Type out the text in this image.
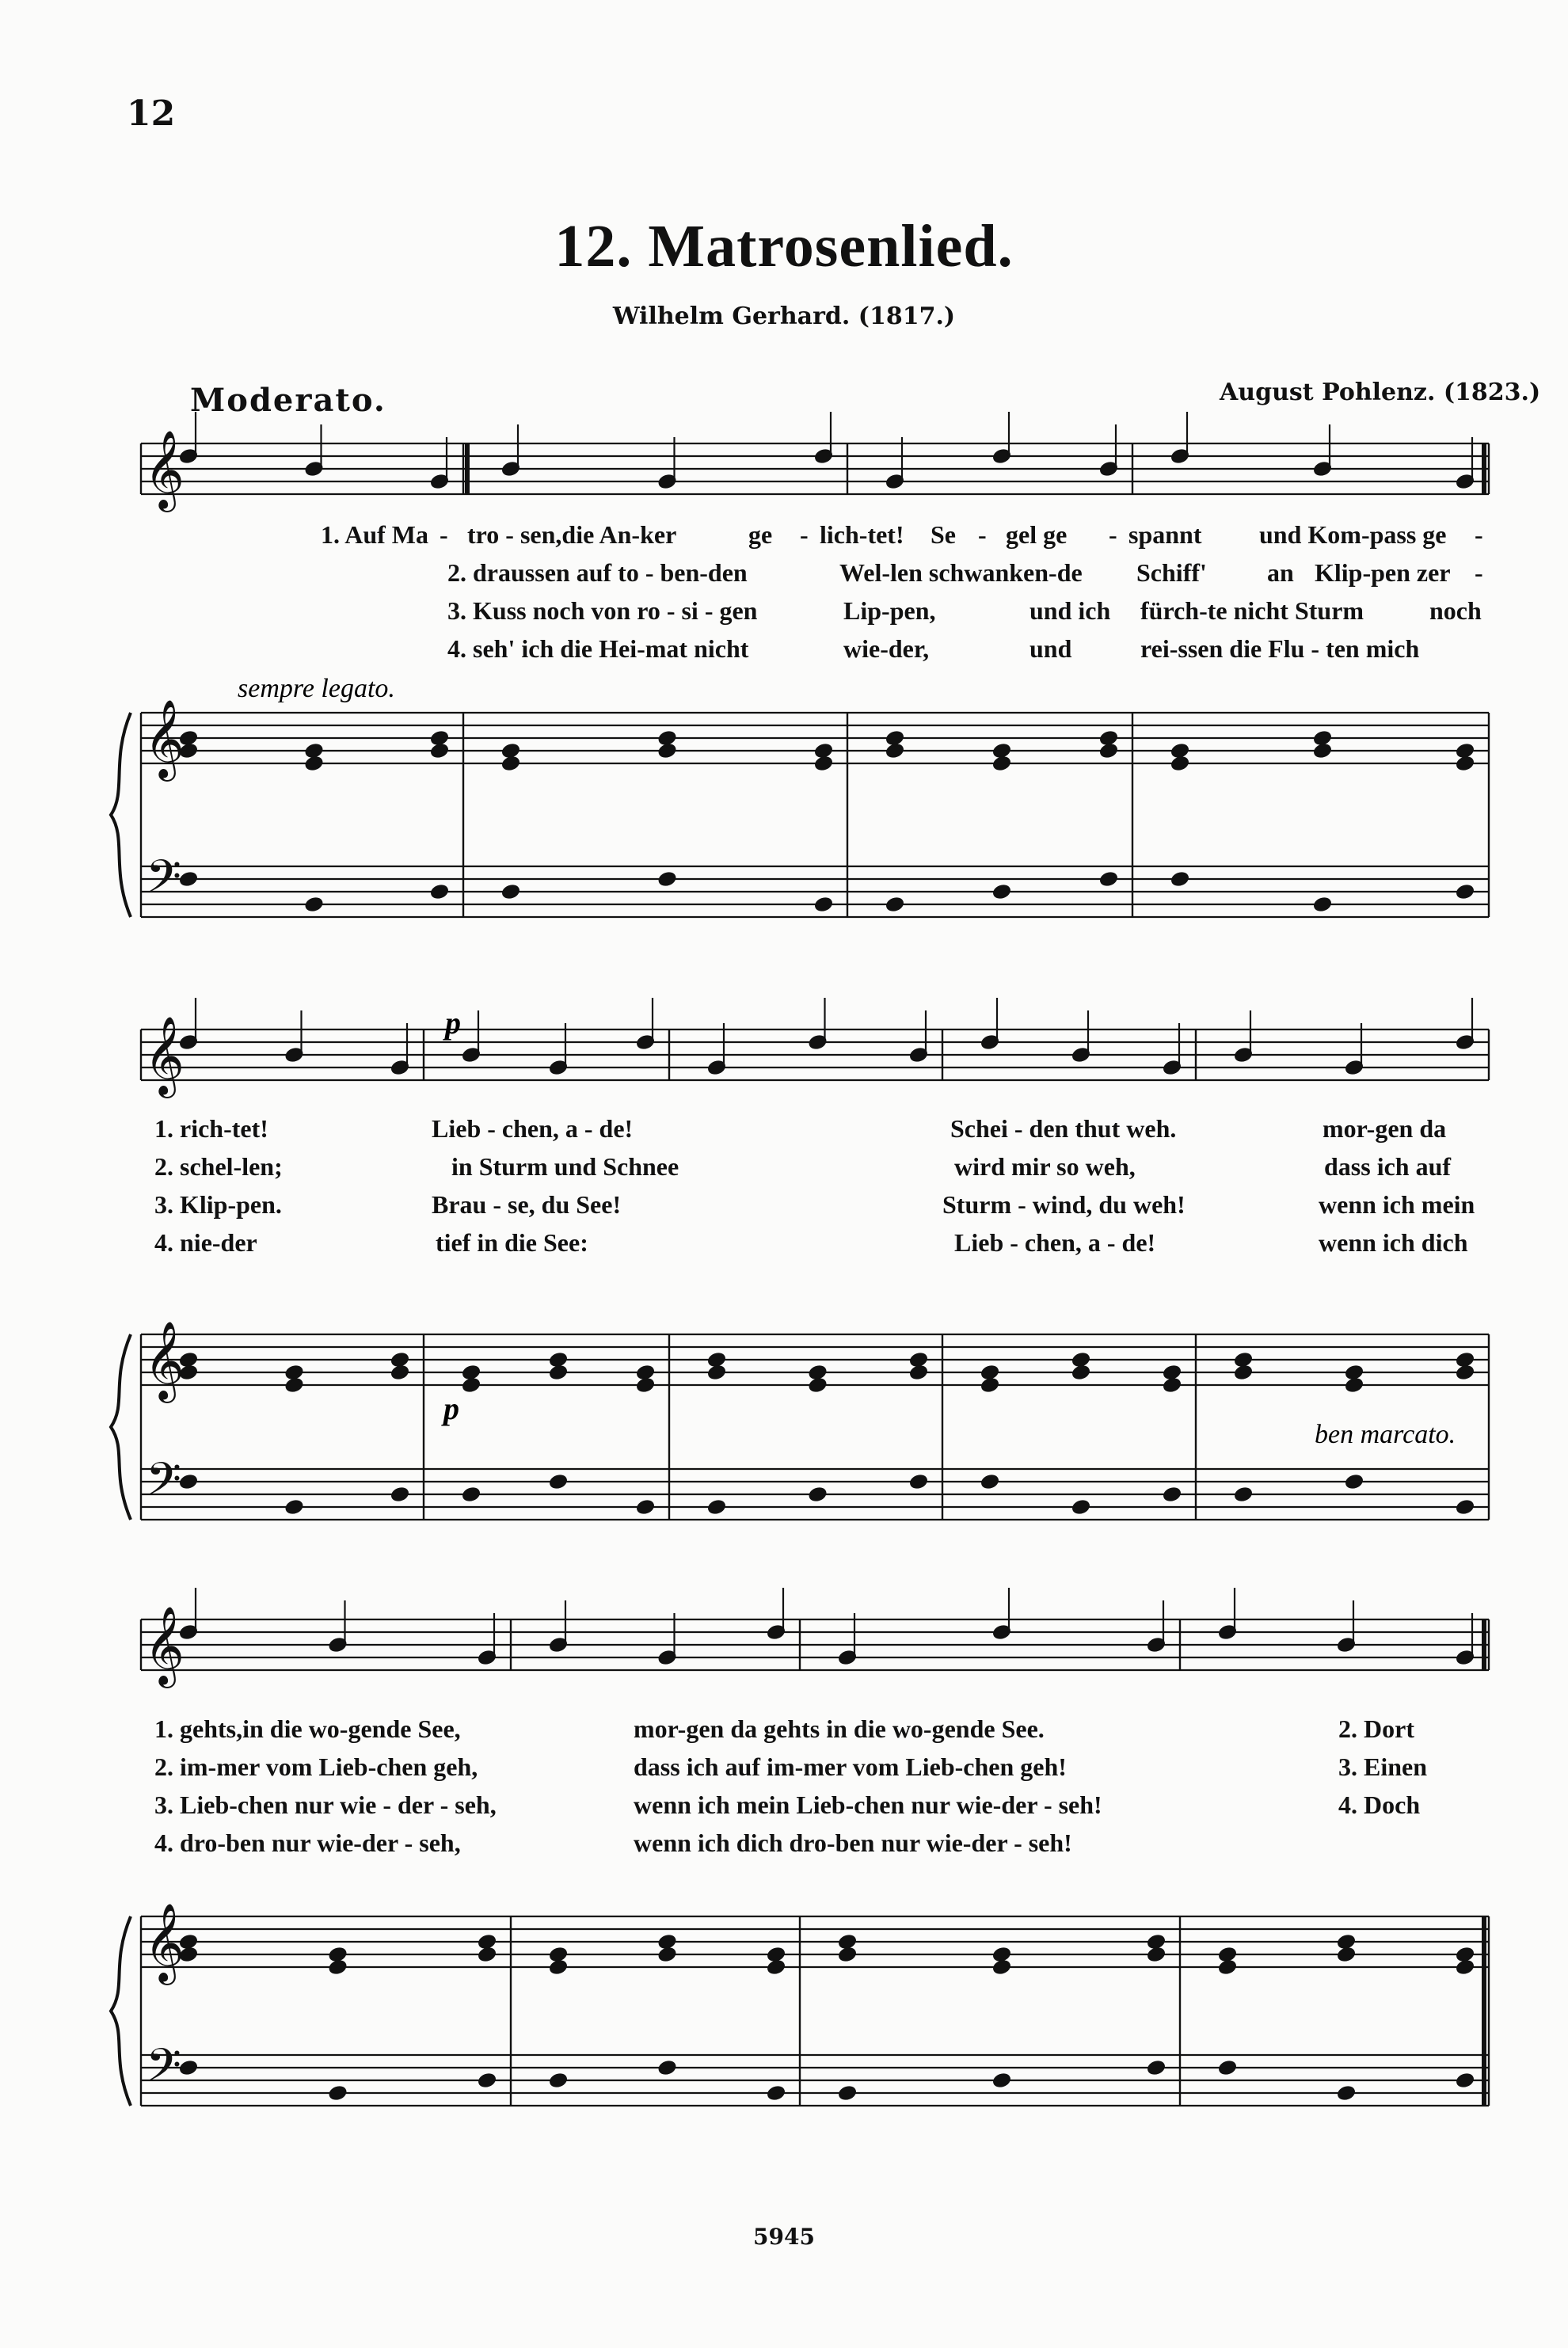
12
12. Matrosenlied.
Wilhelm Gerhard. (1817.)
Moderato.	August Pohlenz. (1823.)
𝄞
𝄞
𝄢
𝄞
𝄞
𝄢
𝄞
𝄞
𝄢
sempre legato.
ben marcato.
p
p
1. Auf Ma - tro - sen,die An-ker	ge - lich-tet! Se - gel ge - spannt und Kom-pass ge -
2. draussen auf to - ben-den	Wel-len schwanken-de Schiff' an Klip-pen zer -
3. Kuss noch von ro - si - gen	Lip-pen,	und ich fürch-te nicht Sturm	noch
4. seh' ich die Hei-mat nicht	wie-der,	und	rei-ssen die Flu - ten mich
1. rich-tet!	Lieb - chen, a - de!	Schei - den thut weh.	mor-gen da
2. schel-len;	in Sturm und Schnee	wird mir so weh,	dass ich auf
3. Klip-pen.	Brau - se, du See!	Sturm - wind, du weh!	wenn ich mein
4. nie-der	tief in die See:	Lieb - chen, a - de!	wenn ich dich
1. gehts,in die wo-gende See,	mor-gen da gehts in die wo-gende See.	2. Dort
2. im-mer vom Lieb-chen geh,	dass ich auf im-mer vom Lieb-chen geh!	3. Einen
3. Lieb-chen nur wie - der - seh,	wenn ich mein Lieb-chen nur wie-der - seh!	4. Doch
4. dro-ben nur wie-der - seh,	wenn ich dich dro-ben nur wie-der - seh!
5945
